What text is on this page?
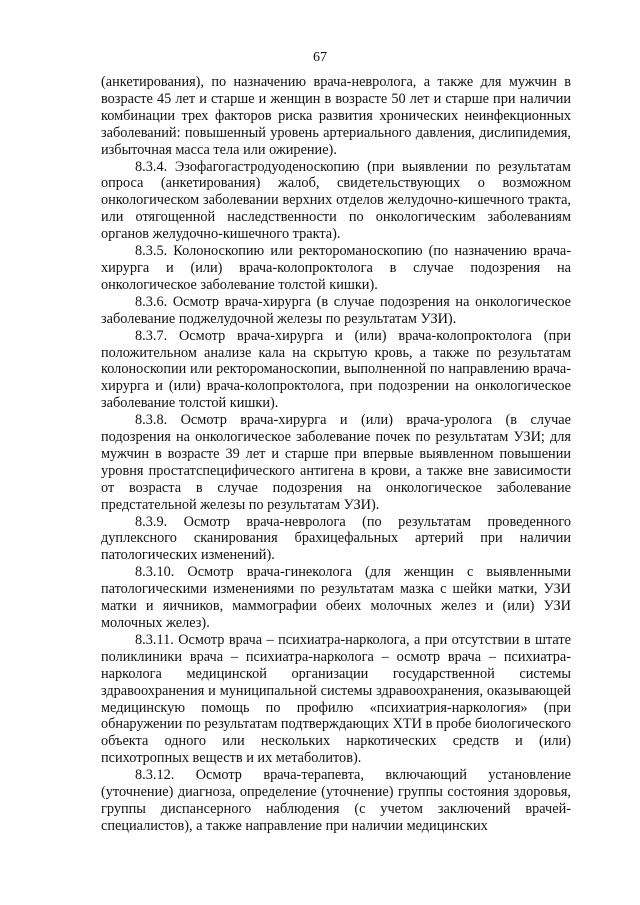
67

(анкетирования), по назначению врача-невролога, а также для мужчин в возрасте 45 лет и старше и женщин в возрасте 50 лет и старше при наличии комбинации трех факторов риска развития хронических неинфекционных заболеваний: повышенный уровень артериального давления, дислипидемия, избыточная масса тела или ожирение).

8.3.4. Эзофагогастродуоденоскопию (при выявлении по результатам опроса (анкетирования) жалоб, свидетельствующих о возможном онкологическом заболевании верхних отделов желудочно-кишечного тракта, или отягощенной наследственности по онкологическим заболеваниям органов желудочно-кишечного тракта).

8.3.5. Колоноскопию или ректороманоскопию (по назначению врача-хирурга и (или) врача-колопроктолога в случае подозрения на онкологическое заболевание толстой кишки).

8.3.6. Осмотр врача-хирурга (в случае подозрения на онкологическое заболевание поджелудочной железы по результатам УЗИ).

8.3.7. Осмотр врача-хирурга и (или) врача-колопроктолога (при положительном анализе кала на скрытую кровь, а также по результатам колоноскопии или ректороманоскопии, выполненной по направлению врача-хирурга и (или) врача-колопроктолога, при подозрении на онкологическое заболевание толстой кишки).

8.3.8. Осмотр врача-хирурга и (или) врача-уролога (в случае подозрения на онкологическое заболевание почек по результатам УЗИ; для мужчин в возрасте 39 лет и старше при впервые выявленном повышении уровня простатспецифического антигена в крови, а также вне зависимости от возраста в случае подозрения на онкологическое заболевание предстательной железы по результатам УЗИ).

8.3.9. Осмотр врача-невролога (по результатам проведенного дуплексного сканирования брахицефальных артерий при наличии патологических изменений).

8.3.10. Осмотр врача-гинеколога (для женщин с выявленными патологическими изменениями по результатам мазка с шейки матки, УЗИ матки и яичников, маммографии обеих молочных желез и (или) УЗИ молочных желез).

8.3.11. Осмотр врача – психиатра-нарколога, а при отсутствии в штате поликлиники врача – психиатра-нарколога – осмотр врача – психиатра-нарколога медицинской организации государственной системы здравоохранения и муниципальной системы здравоохранения, оказывающей медицинскую помощь по профилю «психиатрия-наркология» (при обнаружении по результатам подтверждающих ХТИ в пробе биологического объекта одного или нескольких наркотических средств и (или) психотропных веществ и их метаболитов).

8.3.12. Осмотр врача-терапевта, включающий установление (уточнение) диагноза, определение (уточнение) группы состояния здоровья, группы диспансерного наблюдения (с учетом заключений врачей-специалистов), а также направление при наличии медицинских
